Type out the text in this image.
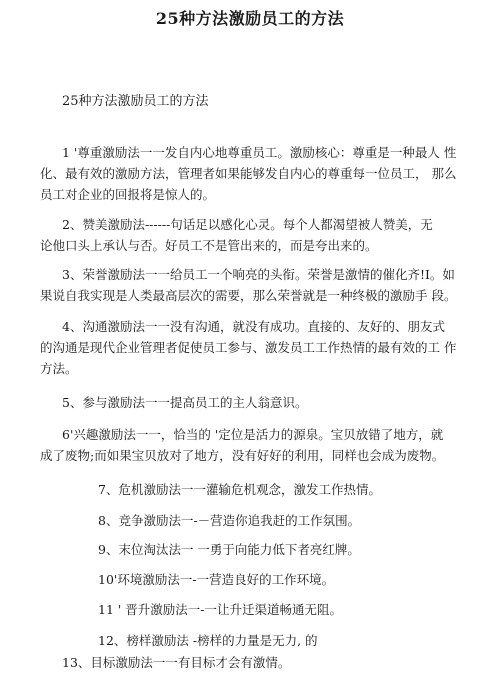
25种方法激励员工的方法
25种方法激励员工的方法
1 '尊重激励法一一发自内心地尊重员工。激励核心：尊重是一种最人 性
化、最有效的激励方法，管理者如果能够发自内心的尊重每一位员工， 那么
员工对企业的回报将是惊人的。
2、赞美激励法------句话足以感化心灵。每个人都渴望被人赞美，无
论他口头上承认与否。好员工不是管出来的，而是夸出来的。
3、荣誉激励法一一给员工一个响亮的头衔。荣誉是激情的催化齐!I。如
果说自我实现是人类最高层次的需要，那么荣誉就是一种终极的激励手 段。
4、沟通激励法一一没有沟通，就没有成功。直接的、友好的、朋友式
的沟通是现代企业管理者促使员工参与、激发员工工作热情的最有效的工 作
方法。
5、参与激励法一一提高员工的主人翁意识。
6'兴趣激励法一一，恰当的 '定位是活力的源泉。宝贝放错了地方，就
成了废物;而如果宝贝放对了地方，没有好好的利用，同样也会成为废物。
7、危机激励法一一灌输危机观念，激发工作热情。
8、竞争激励法一-－营造你追我赶的工作氛围。
9、末位淘汰法一 一勇于向能力低下者亮红牌。
10'环境激励法一-一营造良好的工作环境。
11 ' 晋升激励法一-一让升迁渠道畅通无阻。
12、榜样激励法 -榜样的力量是无力, 的
13、目标激励法一一有目标才会有激情。
